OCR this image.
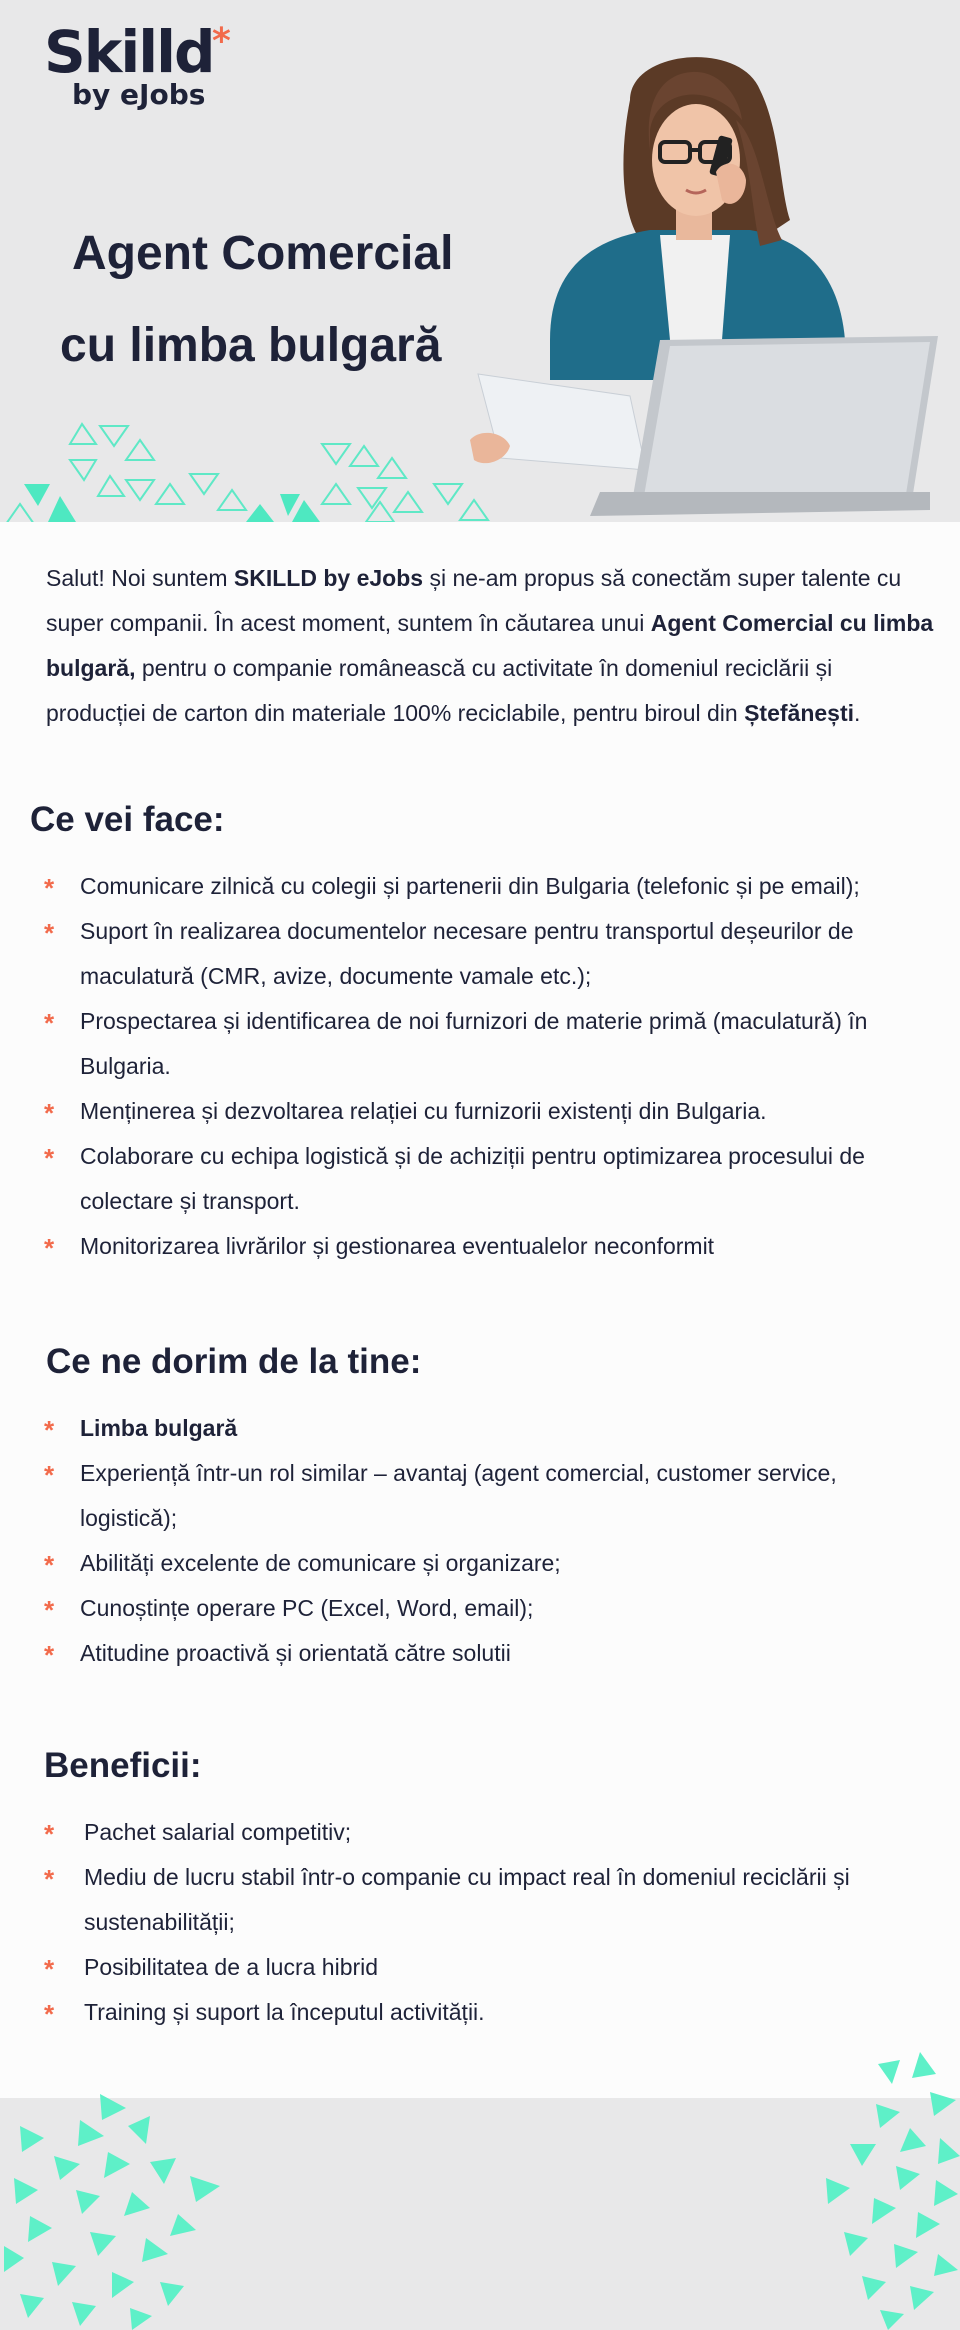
Skilld
*
by eJobs
Agent Comercial
cu limba bulgară

Salut! Noi suntem SKILLD by eJobs și ne-am propus să conectăm super talente cu super companii. În acest moment, suntem în căutarea unui Agent Comercial cu limba bulgară, pentru o companie românească cu activitate în domeniul reciclării și producției de carton din materiale 100% reciclabile, pentru biroul din Ștefănești.

Ce vei face:
* Comunicare zilnică cu colegii și partenerii din Bulgaria (telefonic și pe email);
* Suport în realizarea documentelor necesare pentru transportul deșeurilor de maculatură (CMR, avize, documente vamale etc.);
* Prospectarea și identificarea de noi furnizori de materie primă (maculatură) în Bulgaria.
* Menținerea și dezvoltarea relației cu furnizorii existenți din Bulgaria.
* Colaborare cu echipa logistică și de achiziții pentru optimizarea procesului de colectare și transport.
* Monitorizarea livrărilor și gestionarea eventualelor neconformit
Ce ne dorim de la tine:
* Limba bulgară
* Experiență într-un rol similar – avantaj (agent comercial, customer service, logistică);
* Abilități excelente de comunicare și organizare;
* Cunoștințe operare PC (Excel, Word, email);
* Atitudine proactivă și orientată către solutii
Beneficii:
* Pachet salarial competitiv;
* Mediu de lucru stabil într-o companie cu impact real în domeniul reciclării și sustenabilității;
* Posibilitatea de a lucra hibrid
* Training și suport la începutul activității.
